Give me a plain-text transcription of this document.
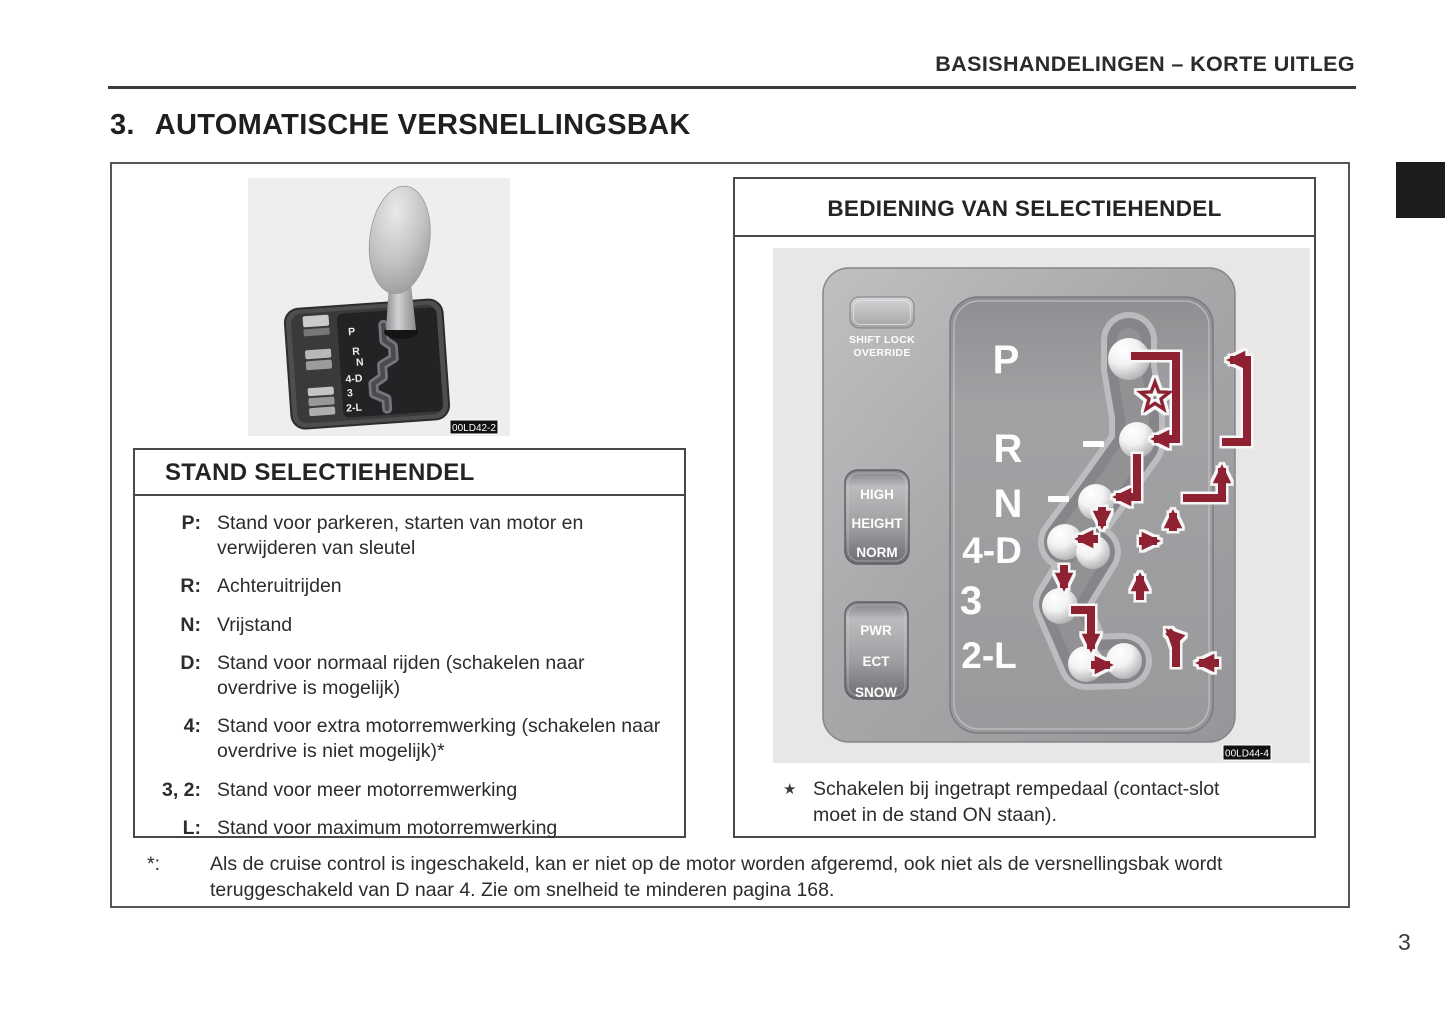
BASISHANDELINGEN – KORTE UITLEG
3. AUTOMATISCHE VERSNELLINGSBAK
P
R
N
4-D
3
2-L
00LD42-2
STAND SELECTIEHENDEL
P: Stand voor parkeren, starten van motor en verwijderen van sleutel
R: Achteruitrijden
N: Vrijstand
D: Stand voor normaal rijden (schakelen naar overdrive is mogelijk)
4: Stand voor extra motorremwerking (schakelen naar overdrive is niet mogelijk)*
3, 2: Stand voor meer motorremwerking
L: Stand voor maximum motorremwerking
BEDIENING VAN SELECTIEHENDEL
P
R
N
4-D
3
2-L
SHIFT LOCK
OVERRIDE
HIGH
HEIGHT
NORM
PWR
ECT
SNOW
00LD44-4
★ Schakelen bij ingetrapt rempedaal (contact-slot moet in de stand ON staan).
*:	Als de cruise control is ingeschakeld, kan er niet op de motor worden afgeremd, ook niet als de versnellingsbak wordt teruggeschakeld van D naar 4. Zie om snelheid te minderen pagina 168.
3
